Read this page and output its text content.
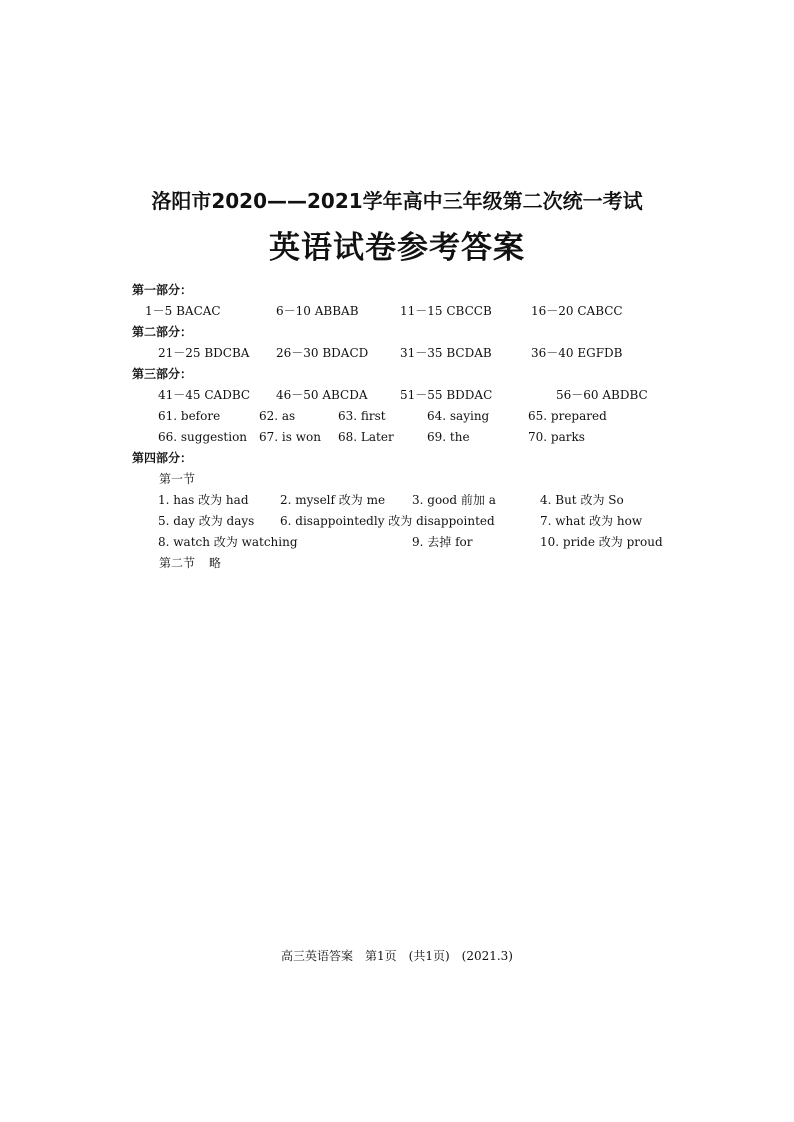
洛阳市2020——2021学年高中三年级第二次统一考试
英语试卷参考答案
第一部分：
1－5 BACAC	6－10 ABBAB	11－15 CBCCB	16－20 CABCC
第二部分：
21－25 BDCBA 26－30 BDACD	31－35 BCDAB	36－40 EGFDB
第三部分：
41－45 CADBC 46－50 ABCDA	51－55 BDDAC	56－60 ABDBC
61. before	62. as	63. first	64. saying	65. prepared
66. suggestion 67. is won 68. Later	69. the	70. parks
第四部分：
第一节
1. has 改为 had	2. myself 改为 me 3. good 前加 a	4. But 改为 So
5. day 改为 days 6. disappointedly 改为 disappointed	7. what 改为 how
8. watch 改为 watching	9. 去掉 for	10. pride 改为 proud
第二节 略
高三英语答案　第1页　(共1页)　(2021.3)
